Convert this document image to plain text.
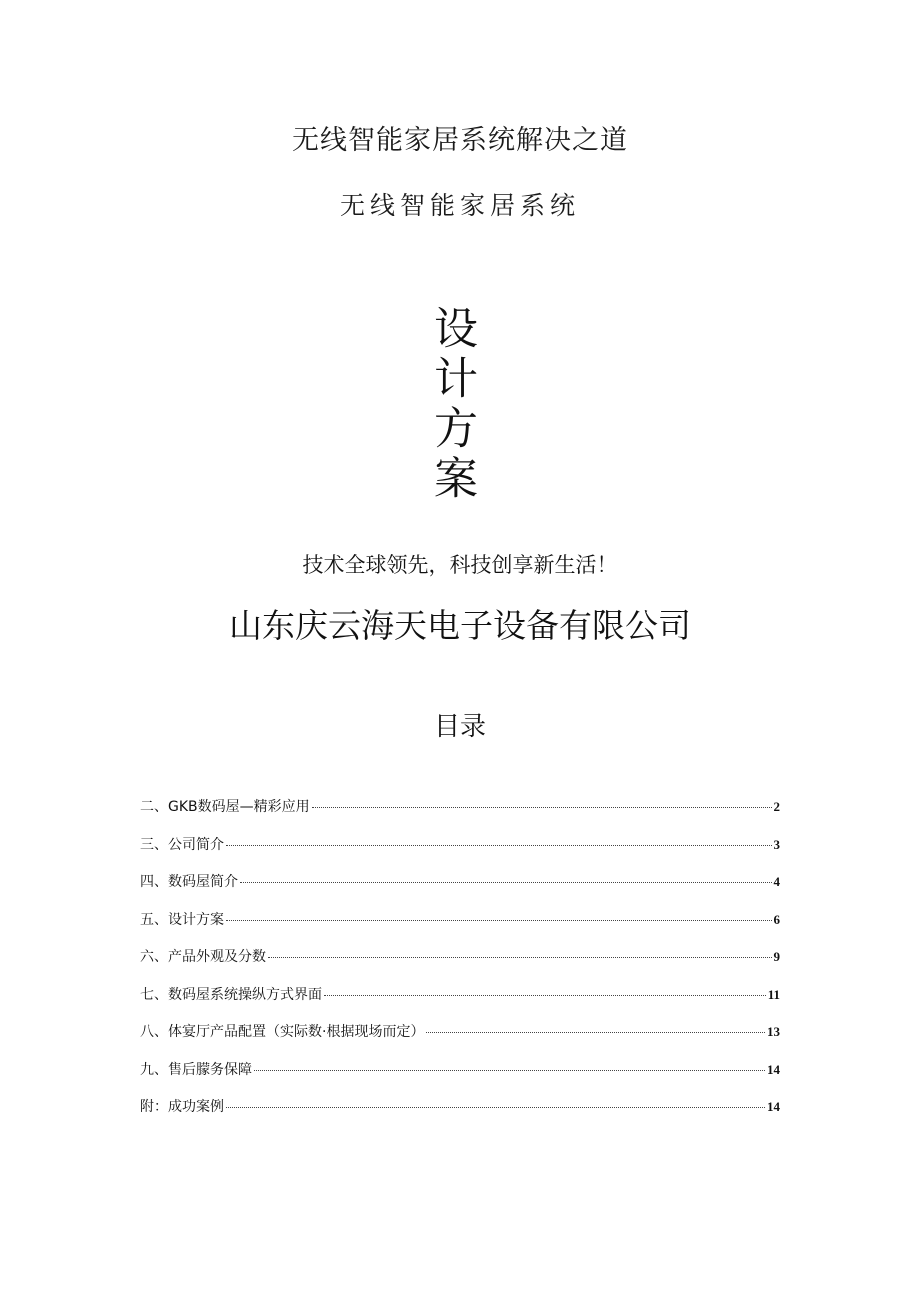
无线智能家居系统解决之道
无线智能家居系统
设计方案
技术全球领先，科技创享新生活！
山东庆云海天电子设备有限公司
目录
二、GKB数码屋—精彩应用	2
三、公司简介	3
四、数码屋简介	4
五、设计方案	6
六、产品外观及分数	9
七、数码屋系统操纵方式界面	11
八、体宴厅产品配置（实际数·根据现场而定）	13
九、售后朦务保障	14
附：成功案例	14
